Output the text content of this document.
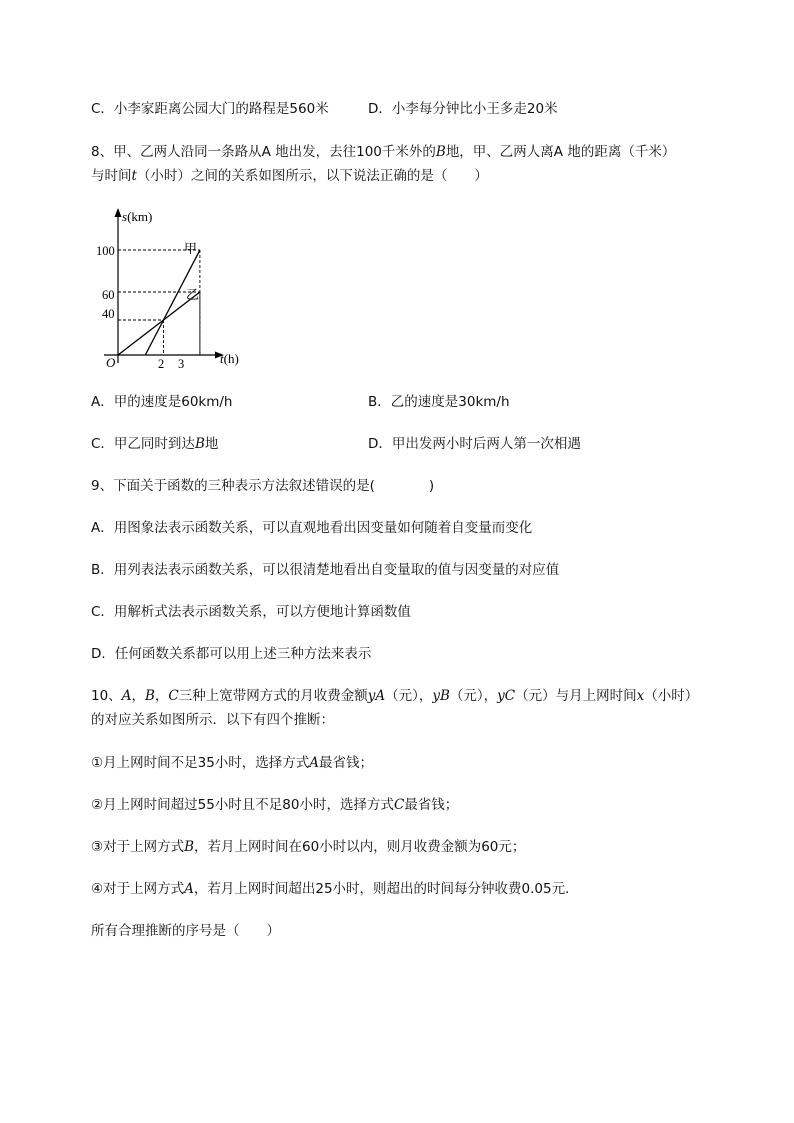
C．小李家距离公园大门的路程是560米	D．小李每分钟比小王多走20米
8、甲、乙两人沿同一条路从A 地出发，去往100千米外的B地，甲、乙两人离A 地的距离（千米）
与时间t（小时）之间的关系如图所示，以下说法正确的是（　　）
s(km)
t(h)
O
100
60
40
2 3
甲
乙
A．甲的速度是60km/h	B．乙的速度是30km/h
C．甲乙同时到达B地	D．甲出发两小时后两人第一次相遇
9、下面关于函数的三种表示方法叙述错误的是(　　　　)
A．用图象法表示函数关系，可以直观地看出因变量如何随着自变量而变化
B．用列表法表示函数关系，可以很清楚地看出自变量取的值与因变量的对应值
C．用解析式法表示函数关系，可以方便地计算函数值
D．任何函数关系都可以用上述三种方法来表示
10、A，B，C三种上宽带网方式的月收费金额yA（元），yB（元），yC（元）与月上网时间x（小时）
的对应关系如图所示．以下有四个推断：
①月上网时间不足35小时，选择方式A最省钱；
②月上网时间超过55小时且不足80小时，选择方式C最省钱；
③对于上网方式B，若月上网时间在60小时以内，则月收费金额为60元；
④对于上网方式A，若月上网时间超出25小时，则超出的时间每分钟收费0.05元．
所有合理推断的序号是（　　）
